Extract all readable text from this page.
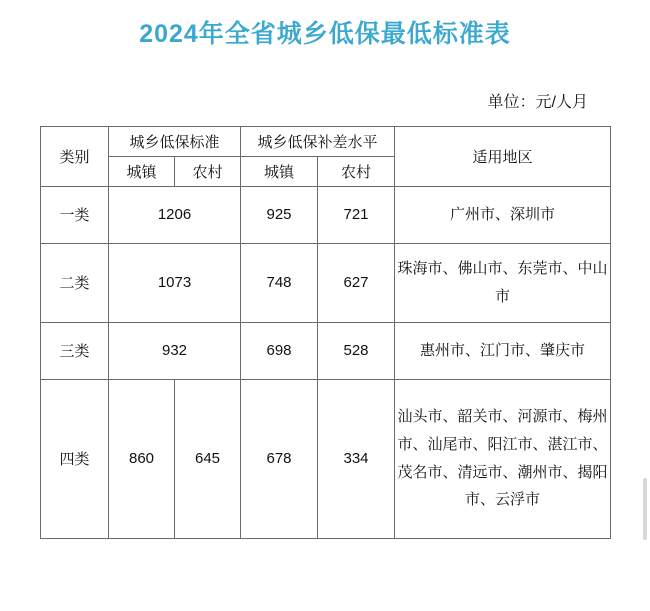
2024年全省城乡低保最低标准表
单位：元/人月
类别	城乡低保标准		城乡低保补差水平		适用地区
	城镇	农村	城镇	农村	
一类	1206		925	721	广州市、深圳市
二类	1073		748	627	珠海市、佛山市、东莞市、中山市
三类	932		698	528	惠州市、江门市、肇庆市
四类	860	645	678	334	汕头市、韶关市、河源市、梅州市、汕尾市、阳江市、湛江市、茂名市、清远市、潮州市、揭阳市、云浮市
